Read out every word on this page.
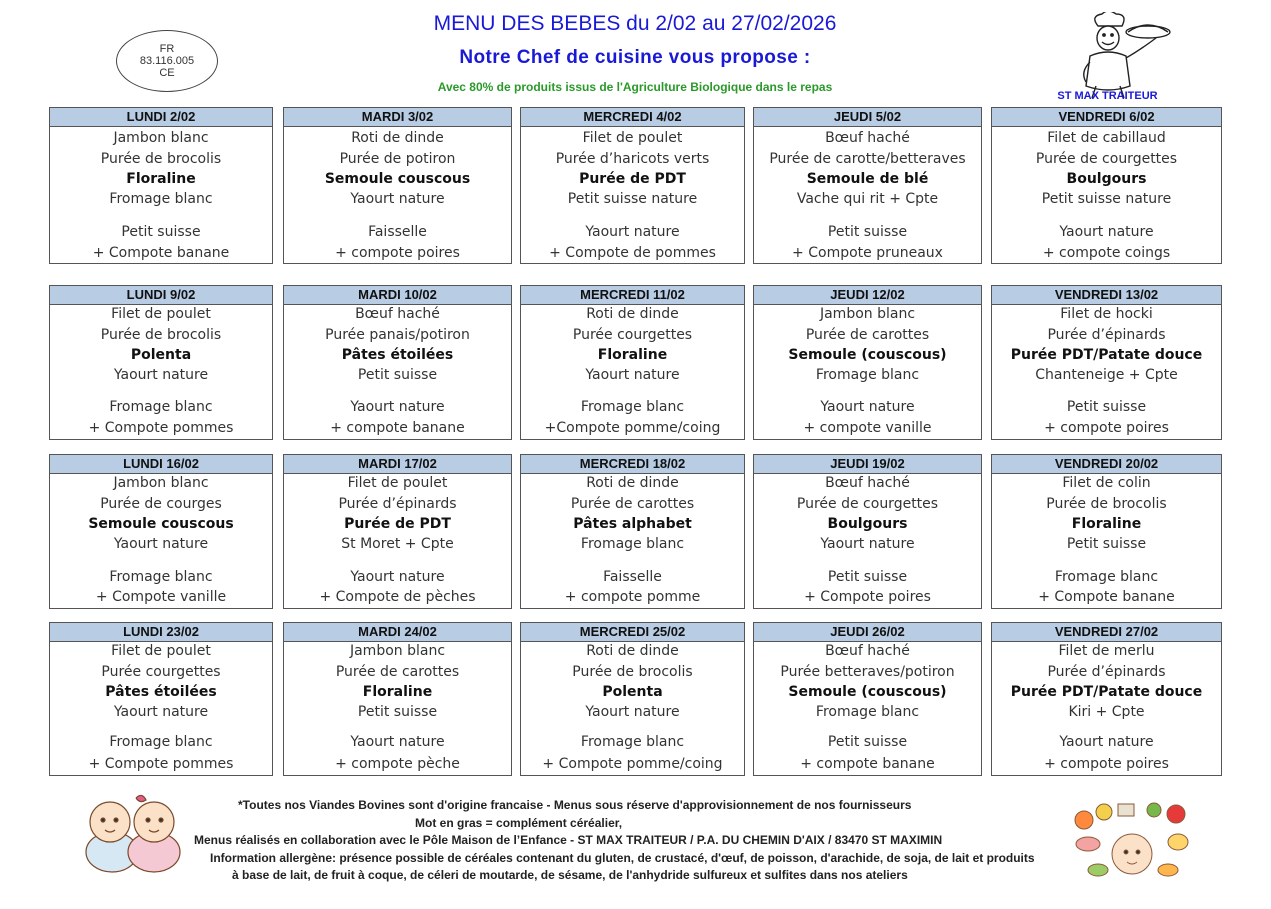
MENU DES BEBES du 2/02 au 27/02/2026
Notre Chef de cuisine vous propose :
Avec 80% de produits issus de l'Agriculture Biologique dans le repas
FR
83.116.005
CE
ST MAX TRAITEUR
LUNDI 2/02
Jambon blanc
Purée de brocolis
Floraline
Fromage blanc
Petit suisse
+ Compote banane
MARDI 3/02
Roti de dinde
Purée de potiron
Semoule couscous
Yaourt nature
Faisselle
+ compote poires
MERCREDI 4/02
Filet de poulet
Purée d’haricots verts
Purée de PDT
Petit suisse nature
Yaourt nature
+ Compote de pommes
JEUDI 5/02
Bœuf haché
Purée de carotte/betteraves
Semoule de blé
Vache qui rit + Cpte
Petit suisse
+ Compote pruneaux
VENDREDI 6/02
Filet de cabillaud
Purée de courgettes
Boulgours
Petit suisse nature
Yaourt nature
+ compote coings
LUNDI 9/02
Filet de poulet
Purée de brocolis
Polenta
Yaourt nature
Fromage blanc
+ Compote pommes
MARDI 10/02
Bœuf haché
Purée panais/potiron
Pâtes étoilées
Petit suisse
Yaourt nature
+ compote banane
MERCREDI 11/02
Roti de dinde
Purée courgettes
Floraline
Yaourt nature
Fromage blanc
+Compote pomme/coing
JEUDI 12/02
Jambon blanc
Purée de carottes
Semoule (couscous)
Fromage blanc
Yaourt nature
+ compote vanille
VENDREDI 13/02
Filet de hocki
Purée d’épinards
Purée PDT/Patate douce
Chanteneige + Cpte
Petit suisse
+ compote poires
LUNDI 16/02
Jambon blanc
Purée de courges
Semoule couscous
Yaourt nature
Fromage blanc
+ Compote vanille
MARDI 17/02
Filet de poulet
Purée d’épinards
Purée de PDT
St Moret + Cpte
Yaourt nature
+ Compote de pèches
MERCREDI 18/02
Roti de dinde
Purée de carottes
Pâtes alphabet
Fromage blanc
Faisselle
+ compote pomme
JEUDI 19/02
Bœuf haché
Purée de courgettes
Boulgours
Yaourt nature
Petit suisse
+ Compote poires
VENDREDI 20/02
Filet de colin
Purée de brocolis
Floraline
Petit suisse
Fromage blanc
+ Compote banane
LUNDI 23/02
Filet de poulet
Purée courgettes
Pâtes étoilées
Yaourt nature
Fromage blanc
+ Compote pommes
MARDI 24/02
Jambon blanc
Purée de carottes
Floraline
Petit suisse
Yaourt nature
+ compote pèche
MERCREDI 25/02
Roti de dinde
Purée de brocolis
Polenta
Yaourt nature
Fromage blanc
+ Compote pomme/coing
JEUDI 26/02
Bœuf haché
Purée betteraves/potiron
Semoule (couscous)
Fromage blanc
Petit suisse
+ compote banane
VENDREDI 27/02
Filet de merlu
Purée d’épinards
Purée PDT/Patate douce
Kiri + Cpte
Yaourt nature
+ compote poires
*Toutes nos Viandes Bovines sont d'origine francaise - Menus sous réserve d'approvisionnement de nos fournisseurs
Mot en gras = complément céréalier,
Menus réalisés en collaboration avec le Pôle Maison de l’Enfance - ST MAX TRAITEUR / P.A. DU CHEMIN D'AIX / 83470 ST MAXIMIN
Information allergène: présence possible de céréales contenant du gluten, de crustacé, d'œuf, de poisson, d'arachide, de soja, de lait et produits
à base de lait, de fruit à coque, de céleri de moutarde, de sésame, de l'anhydride sulfureux et sulfites dans nos ateliers
